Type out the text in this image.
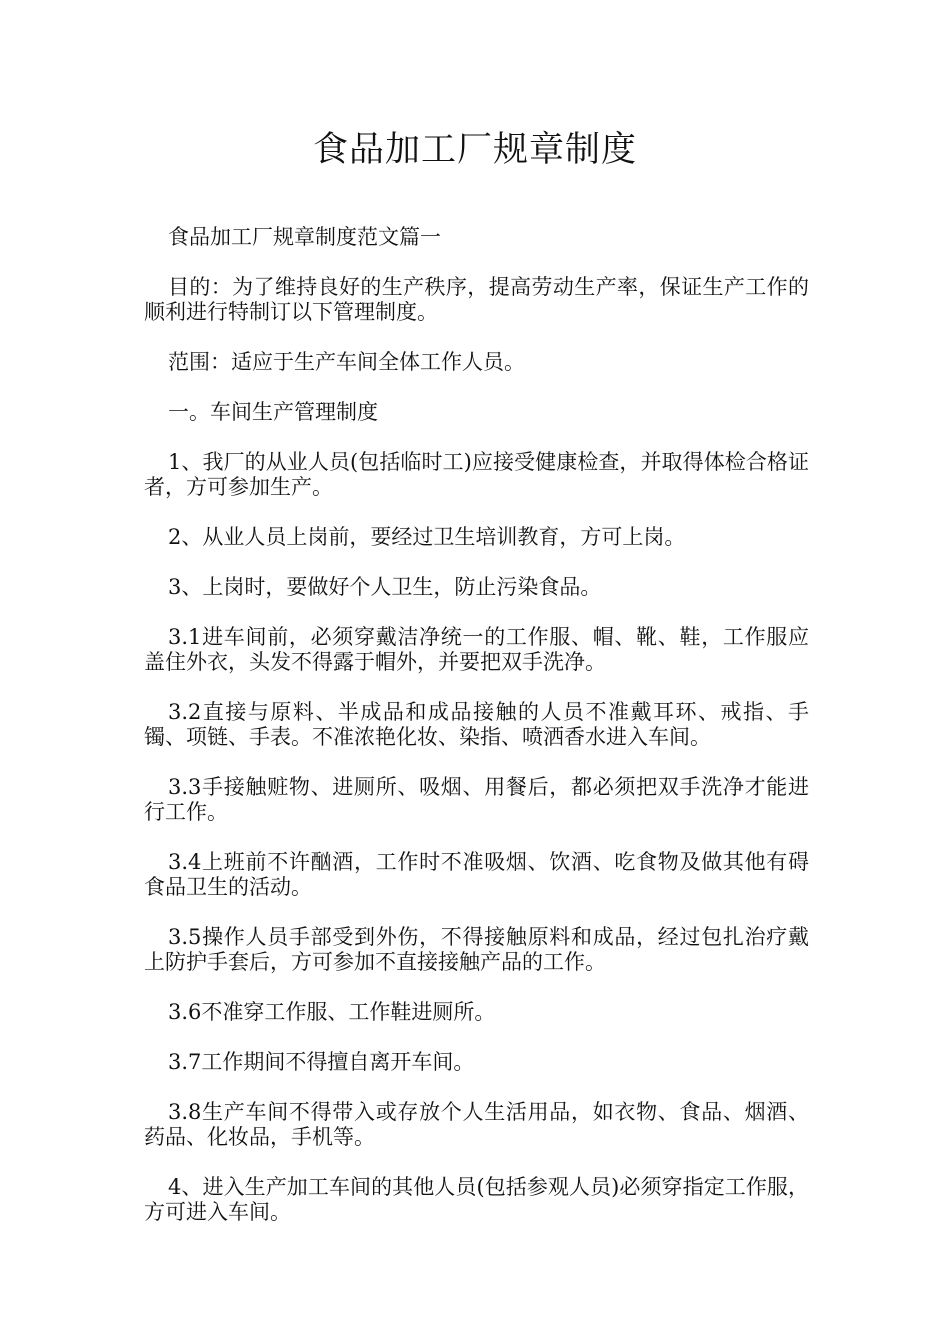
食品加工厂规章制度

食品加工厂规章制度范文篇一

目的：为了维持良好的生产秩序，提高劳动生产率，保证生产工作的顺利进行特制订以下管理制度。

范围：适应于生产车间全体工作人员。

一。车间生产管理制度

1、我厂的从业人员(包括临时工)应接受健康检查，并取得体检合格证者，方可参加生产。

2、从业人员上岗前，要经过卫生培训教育，方可上岗。

3、上岗时，要做好个人卫生，防止污染食品。

3.1进车间前，必须穿戴洁净统一的工作服、帽、靴、鞋，工作服应盖住外衣，头发不得露于帽外，并要把双手洗净。

3.2直接与原料、半成品和成品接触的人员不准戴耳环、戒指、手镯、项链、手表。不准浓艳化妆、染指、喷洒香水进入车间。

3.3手接触赃物、进厕所、吸烟、用餐后，都必须把双手洗净才能进行工作。

3.4上班前不许酗酒，工作时不准吸烟、饮酒、吃食物及做其他有碍食品卫生的活动。

3.5操作人员手部受到外伤，不得接触原料和成品，经过包扎治疗戴上防护手套后，方可参加不直接接触产品的工作。

3.6不准穿工作服、工作鞋进厕所。

3.7工作期间不得擅自离开车间。

3.8生产车间不得带入或存放个人生活用品，如衣物、食品、烟酒、药品、化妆品，手机等。

4、进入生产加工车间的其他人员(包括参观人员)必须穿指定工作服，方可进入车间。
